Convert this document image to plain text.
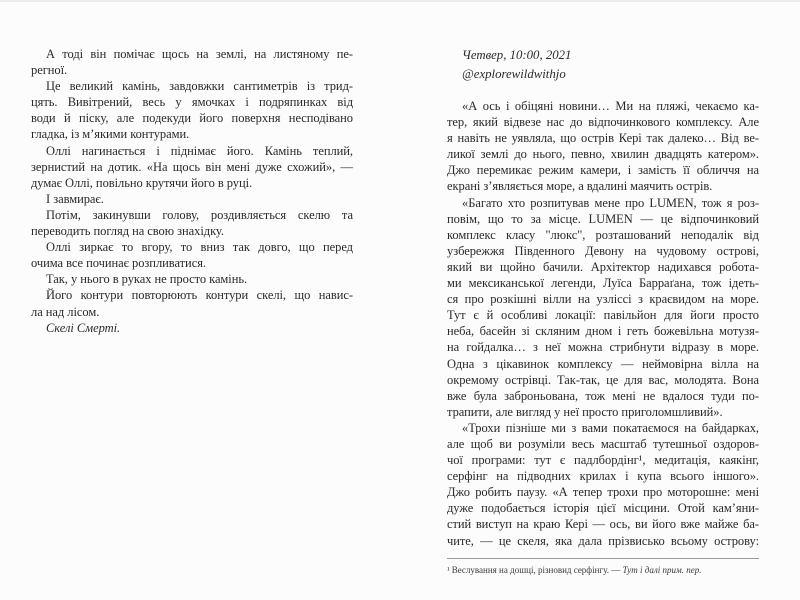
А тоді він помічає щось на землі, на листяному пе-
регної.
Це великий камінь, завдовжки сантиметрів із трид-
цять. Вивітрений, весь у ямочках і подряпинках від
води й піску, але подекуди його поверхня несподівано
гладка, із м’якими контурами.
Оллі нагинається і піднімає його. Камінь теплий,
зернистий на дотик. «На щось він мені дуже схожий», —
думає Оллі, повільно крутячи його в руці.
І завмирає.
Потім, закинувши голову, роздивляється скелю та
переводить погляд на свою знахідку.
Оллі зиркає то вгору, то вниз так довго, що перед
очима все починає розпливатися.
Так, у нього в руках не просто камінь.
Його контури повторюють контури скелі, що навис-
ла над лісом.
Скелі Смерті.
Четвер, 10:00, 2021
@explorewildwithjo
«А ось і обіцяні новини… Ми на пляжі, чекаємо ка-
тер, який відвезе нас до відпочинкового комплексу. Але
я навіть не уявляла, що острів Кері так далеко… Від ве-
ликої землі до нього, певно, хвилин двадцять катером».
Джо перемикає режим камери, і замість її обличчя на
екрані з’являється море, а вдалині маячить острів.
«Багато хто розпитував мене про LUMEN, тож я роз-
повім, що то за місце. LUMEN — це відпочинковий
комплекс класу "люкс", розташований неподалік від
узбережжя Південного Девону на чудовому острові,
який ви щойно бачили. Архітектор надихався робота-
ми мексиканської легенди, Луїса Барраґана, тож ідеть-
ся про розкішні вілли на узліссі з краєвидом на море.
Тут є й особливі локації: павільйон для йоги просто
неба, басейн зі скляним дном і геть божевільна мотузя-
на гойдалка… з неї можна стрибнути відразу в море.
Одна з цікавинок комплексу — неймовірна вілла на
окремому острівці. Так-так, це для вас, молодята. Вона
вже була заброньована, тож мені не вдалося туди по-
трапити, але вигляд у неї просто приголомшливий».
«Трохи пізніше ми з вами покатаємося на байдарках,
але щоб ви розуміли весь масштаб тутешньої оздоров-
чої програми: тут є падлбордінг¹, медитація, каякінг,
серфінг на підводних крилах і купа всього іншого».
Джо робить паузу. «А тепер трохи про моторошне: мені
дуже подобається історія цієї місцини. Отой кам’яни-
стий виступ на краю Кері — ось, ви його вже майже ба-
чите, — це скеля, яка дала прізвисько всьому острову:
¹ Веслування на дошці, різновид серфінгу. — Тут і далі прим. пер.
